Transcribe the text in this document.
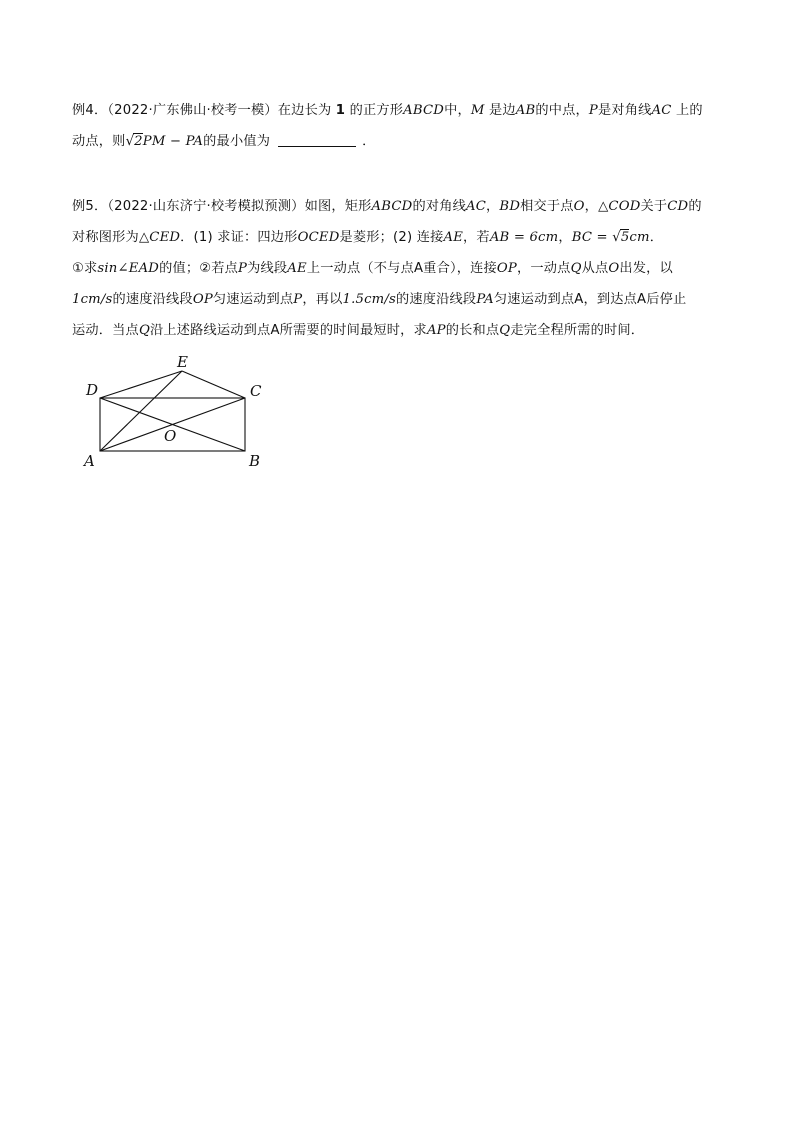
例4．（2022·广东佛山·校考一模）在边长为 1 的正方形ABCD中，M 是边AB的中点，P是对角线AC 上的
动点，则√2PM − PA的最小值为	．
例5．（2022·山东济宁·校考模拟预测）如图，矩形ABCD的对角线AC，BD相交于点O，△COD关于CD的
对称图形为△CED．(1) 求证：四边形OCED是菱形；(2) 连接AE，若AB = 6cm，BC = √5cm．
①求sin∠EAD的值；②若点P为线段AE上一动点（不与点A重合），连接OP，一动点Q从点O出发，以
1cm/s的速度沿线段OP匀速运动到点P，再以1.5cm/s的速度沿线段PA匀速运动到点A，到达点A后停止
运动．当点Q沿上述路线运动到点A所需要的时间最短时，求AP的长和点Q走完全程所需的时间．
E
D	C
O
A	B
